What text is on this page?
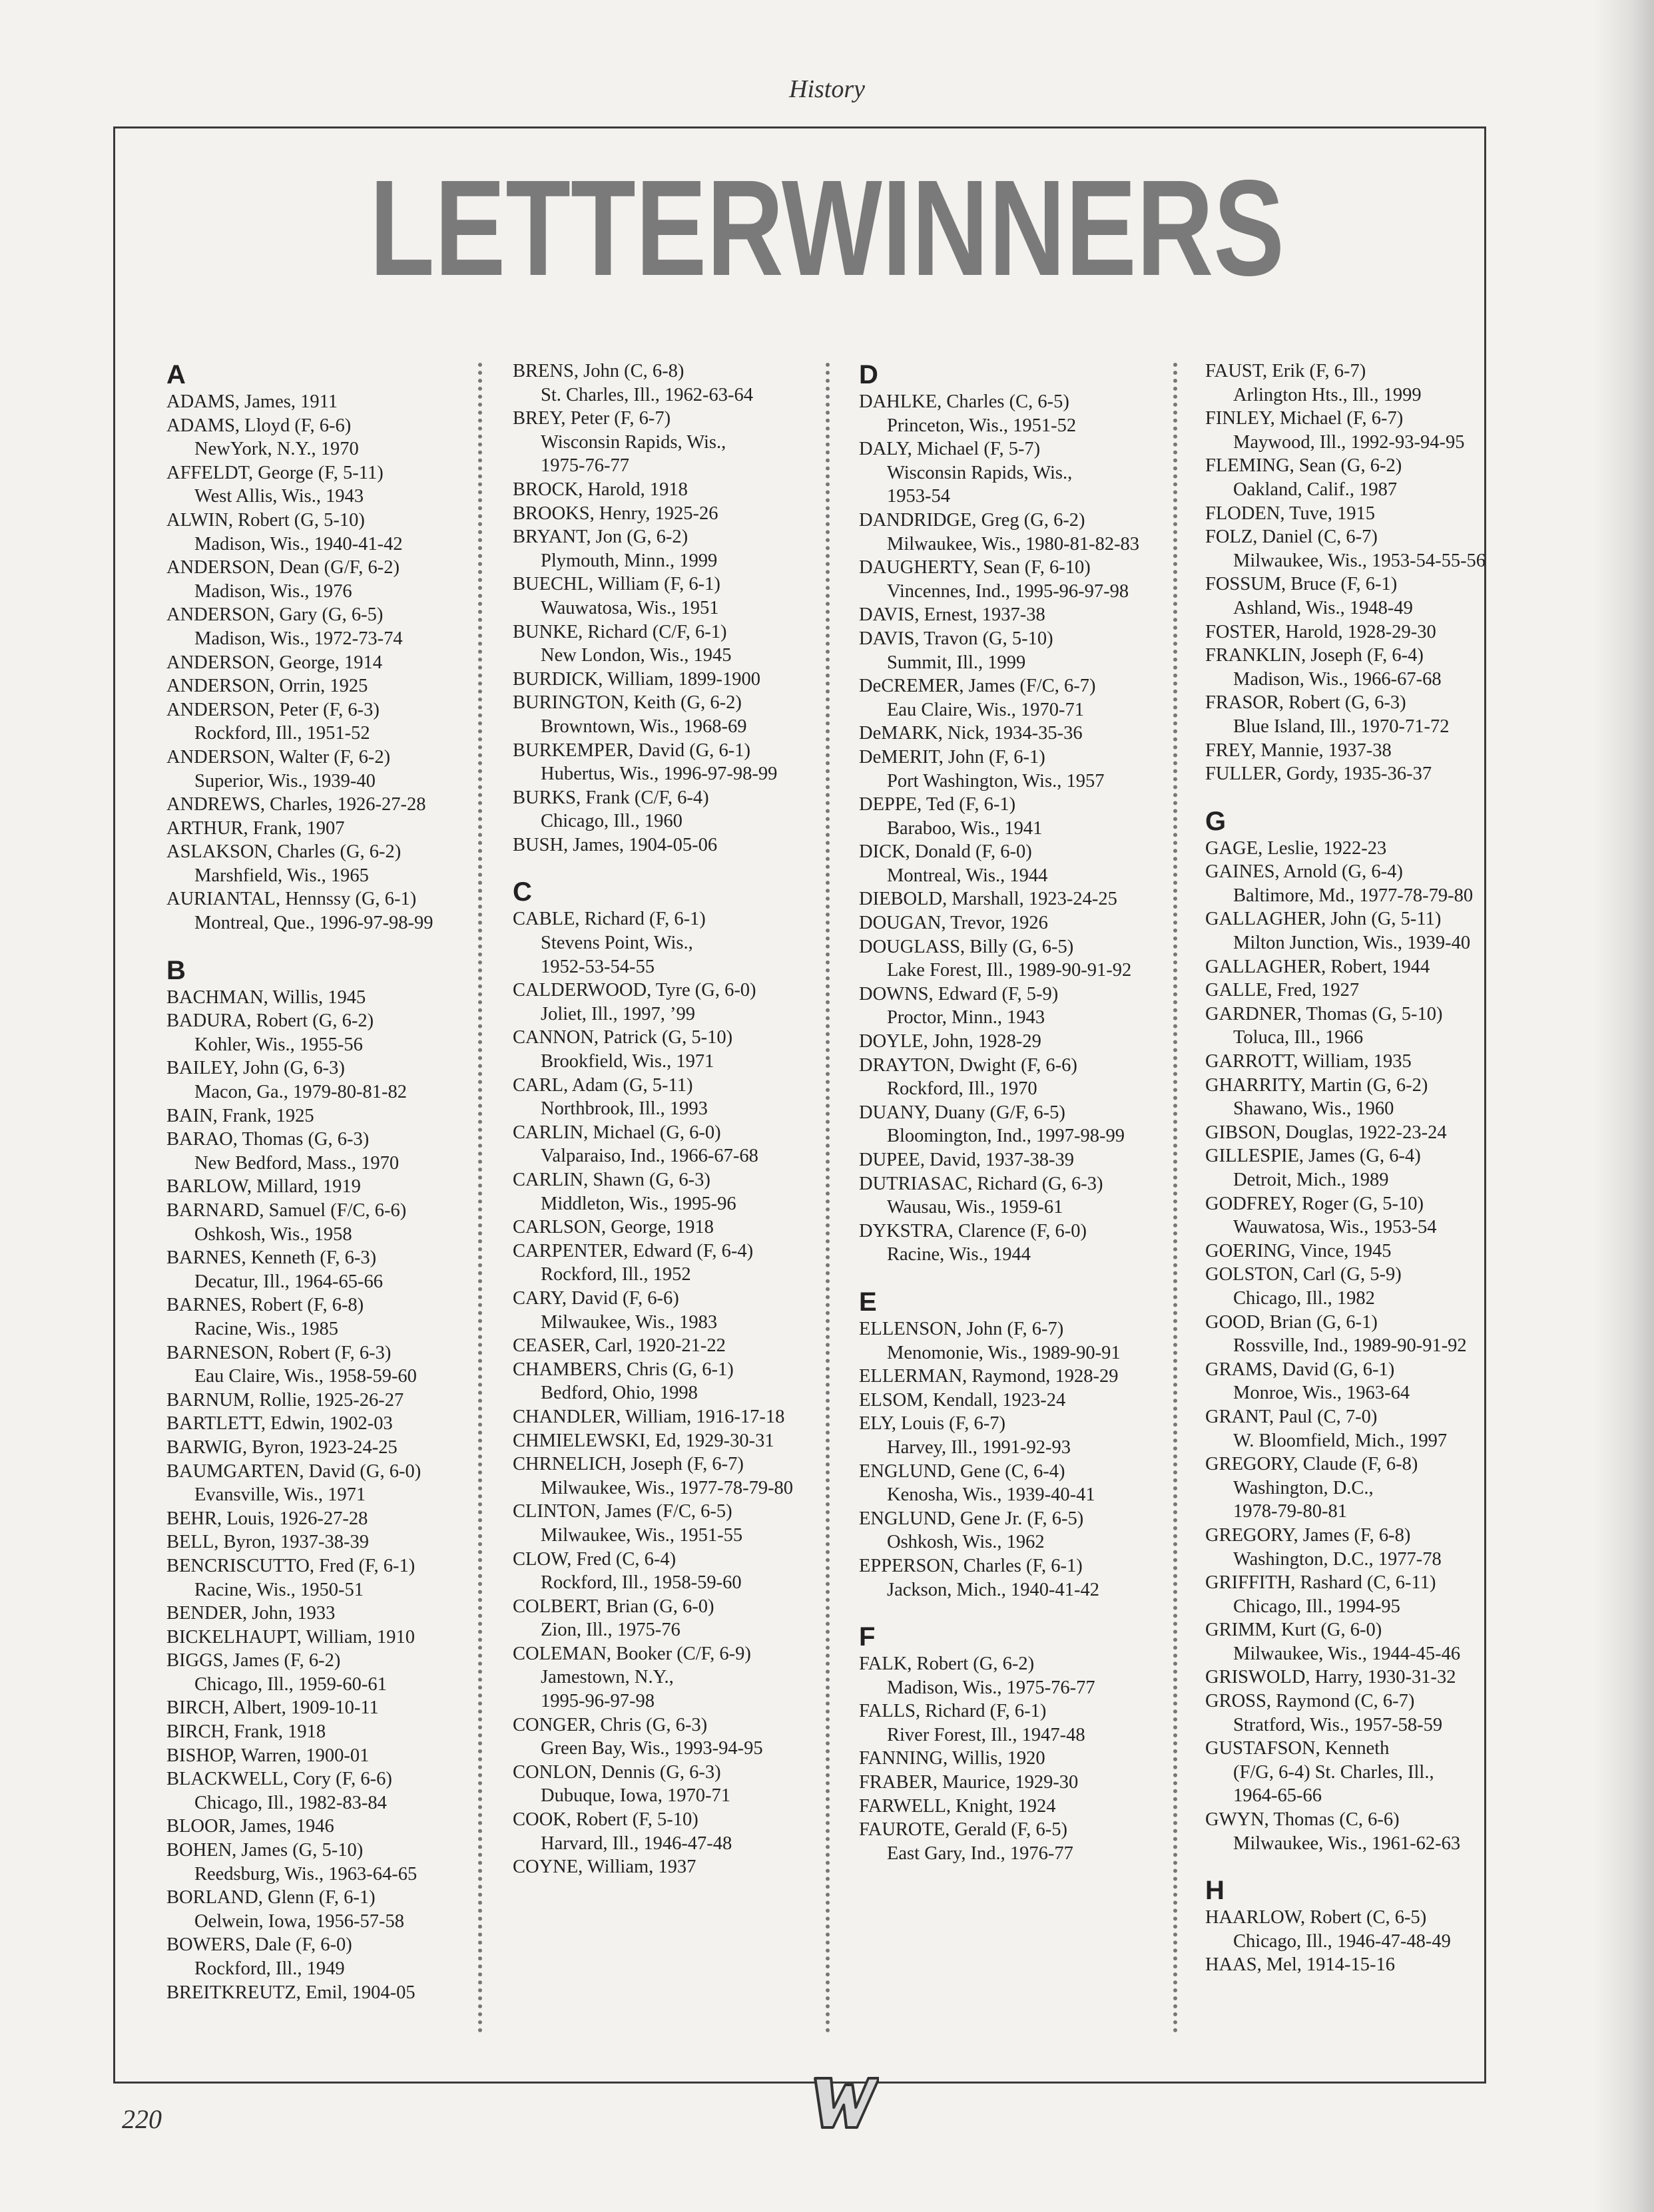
History
LETTERWINNERS
A
ADAMS, James, 1911
ADAMS, Lloyd (F, 6-6)
NewYork, N.Y., 1970
AFFELDT, George (F, 5-11)
West Allis, Wis., 1943
ALWIN, Robert (G, 5-10)
Madison, Wis., 1940-41-42
ANDERSON, Dean (G/F, 6-2)
Madison, Wis., 1976
ANDERSON, Gary (G, 6-5)
Madison, Wis., 1972-73-74
ANDERSON, George, 1914
ANDERSON, Orrin, 1925
ANDERSON, Peter (F, 6-3)
Rockford, Ill., 1951-52
ANDERSON, Walter (F, 6-2)
Superior, Wis., 1939-40
ANDREWS, Charles, 1926-27-28
ARTHUR, Frank, 1907
ASLAKSON, Charles (G, 6-2)
Marshfield, Wis., 1965
AURIANTAL, Hennssy (G, 6-1)
Montreal, Que., 1996-97-98-99
B
BACHMAN, Willis, 1945
BADURA, Robert (G, 6-2)
Kohler, Wis., 1955-56
BAILEY, John (G, 6-3)
Macon, Ga., 1979-80-81-82
BAIN, Frank, 1925
BARAO, Thomas (G, 6-3)
New Bedford, Mass., 1970
BARLOW, Millard, 1919
BARNARD, Samuel (F/C, 6-6)
Oshkosh, Wis., 1958
BARNES, Kenneth (F, 6-3)
Decatur, Ill., 1964-65-66
BARNES, Robert (F, 6-8)
Racine, Wis., 1985
BARNESON, Robert (F, 6-3)
Eau Claire, Wis., 1958-59-60
BARNUM, Rollie, 1925-26-27
BARTLETT, Edwin, 1902-03
BARWIG, Byron, 1923-24-25
BAUMGARTEN, David (G, 6-0)
Evansville, Wis., 1971
BEHR, Louis, 1926-27-28
BELL, Byron, 1937-38-39
BENCRISCUTTO, Fred (F, 6-1)
Racine, Wis., 1950-51
BENDER, John, 1933
BICKELHAUPT, William, 1910
BIGGS, James (F, 6-2)
Chicago, Ill., 1959-60-61
BIRCH, Albert, 1909-10-11
BIRCH, Frank, 1918
BISHOP, Warren, 1900-01
BLACKWELL, Cory (F, 6-6)
Chicago, Ill., 1982-83-84
BLOOR, James, 1946
BOHEN, James (G, 5-10)
Reedsburg, Wis., 1963-64-65
BORLAND, Glenn (F, 6-1)
Oelwein, Iowa, 1956-57-58
BOWERS, Dale (F, 6-0)
Rockford, Ill., 1949
BREITKREUTZ, Emil, 1904-05
BRENS, John (C, 6-8)
St. Charles, Ill., 1962-63-64
BREY, Peter (F, 6-7)
Wisconsin Rapids, Wis.,
1975-76-77
BROCK, Harold, 1918
BROOKS, Henry, 1925-26
BRYANT, Jon (G, 6-2)
Plymouth, Minn., 1999
BUECHL, William (F, 6-1)
Wauwatosa, Wis., 1951
BUNKE, Richard (C/F, 6-1)
New London, Wis., 1945
BURDICK, William, 1899-1900
BURINGTON, Keith (G, 6-2)
Browntown, Wis., 1968-69
BURKEMPER, David (G, 6-1)
Hubertus, Wis., 1996-97-98-99
BURKS, Frank (C/F, 6-4)
Chicago, Ill., 1960
BUSH, James, 1904-05-06
C
CABLE, Richard (F, 6-1)
Stevens Point, Wis.,
1952-53-54-55
CALDERWOOD, Tyre (G, 6-0)
Joliet, Ill., 1997, ’99
CANNON, Patrick (G, 5-10)
Brookfield, Wis., 1971
CARL, Adam (G, 5-11)
Northbrook, Ill., 1993
CARLIN, Michael (G, 6-0)
Valparaiso, Ind., 1966-67-68
CARLIN, Shawn (G, 6-3)
Middleton, Wis., 1995-96
CARLSON, George, 1918
CARPENTER, Edward (F, 6-4)
Rockford, Ill., 1952
CARY, David (F, 6-6)
Milwaukee, Wis., 1983
CEASER, Carl, 1920-21-22
CHAMBERS, Chris (G, 6-1)
Bedford, Ohio, 1998
CHANDLER, William, 1916-17-18
CHMIELEWSKI, Ed, 1929-30-31
CHRNELICH, Joseph (F, 6-7)
Milwaukee, Wis., 1977-78-79-80
CLINTON, James (F/C, 6-5)
Milwaukee, Wis., 1951-55
CLOW, Fred (C, 6-4)
Rockford, Ill., 1958-59-60
COLBERT, Brian (G, 6-0)
Zion, Ill., 1975-76
COLEMAN, Booker (C/F, 6-9)
Jamestown, N.Y.,
1995-96-97-98
CONGER, Chris (G, 6-3)
Green Bay, Wis., 1993-94-95
CONLON, Dennis (G, 6-3)
Dubuque, Iowa, 1970-71
COOK, Robert (F, 5-10)
Harvard, Ill., 1946-47-48
COYNE, William, 1937
D
DAHLKE, Charles (C, 6-5)
Princeton, Wis., 1951-52
DALY, Michael (F, 5-7)
Wisconsin Rapids, Wis.,
1953-54
DANDRIDGE, Greg (G, 6-2)
Milwaukee, Wis., 1980-81-82-83
DAUGHERTY, Sean (F, 6-10)
Vincennes, Ind., 1995-96-97-98
DAVIS, Ernest, 1937-38
DAVIS, Travon (G, 5-10)
Summit, Ill., 1999
DeCREMER, James (F/C, 6-7)
Eau Claire, Wis., 1970-71
DeMARK, Nick, 1934-35-36
DeMERIT, John (F, 6-1)
Port Washington, Wis., 1957
DEPPE, Ted (F, 6-1)
Baraboo, Wis., 1941
DICK, Donald (F, 6-0)
Montreal, Wis., 1944
DIEBOLD, Marshall, 1923-24-25
DOUGAN, Trevor, 1926
DOUGLASS, Billy (G, 6-5)
Lake Forest, Ill., 1989-90-91-92
DOWNS, Edward (F, 5-9)
Proctor, Minn., 1943
DOYLE, John, 1928-29
DRAYTON, Dwight (F, 6-6)
Rockford, Ill., 1970
DUANY, Duany (G/F, 6-5)
Bloomington, Ind., 1997-98-99
DUPEE, David, 1937-38-39
DUTRIASAC, Richard (G, 6-3)
Wausau, Wis., 1959-61
DYKSTRA, Clarence (F, 6-0)
Racine, Wis., 1944
E
ELLENSON, John (F, 6-7)
Menomonie, Wis., 1989-90-91
ELLERMAN, Raymond, 1928-29
ELSOM, Kendall, 1923-24
ELY, Louis (F, 6-7)
Harvey, Ill., 1991-92-93
ENGLUND, Gene (C, 6-4)
Kenosha, Wis., 1939-40-41
ENGLUND, Gene Jr. (F, 6-5)
Oshkosh, Wis., 1962
EPPERSON, Charles (F, 6-1)
Jackson, Mich., 1940-41-42
F
FALK, Robert (G, 6-2)
Madison, Wis., 1975-76-77
FALLS, Richard (F, 6-1)
River Forest, Ill., 1947-48
FANNING, Willis, 1920
FRABER, Maurice, 1929-30
FARWELL, Knight, 1924
FAUROTE, Gerald (F, 6-5)
East Gary, Ind., 1976-77
FAUST, Erik (F, 6-7)
Arlington Hts., Ill., 1999
FINLEY, Michael (F, 6-7)
Maywood, Ill., 1992-93-94-95
FLEMING, Sean (G, 6-2)
Oakland, Calif., 1987
FLODEN, Tuve, 1915
FOLZ, Daniel (C, 6-7)
Milwaukee, Wis., 1953-54-55-56
FOSSUM, Bruce (F, 6-1)
Ashland, Wis., 1948-49
FOSTER, Harold, 1928-29-30
FRANKLIN, Joseph (F, 6-4)
Madison, Wis., 1966-67-68
FRASOR, Robert (G, 6-3)
Blue Island, Ill., 1970-71-72
FREY, Mannie, 1937-38
FULLER, Gordy, 1935-36-37
G
GAGE, Leslie, 1922-23
GAINES, Arnold (G, 6-4)
Baltimore, Md., 1977-78-79-80
GALLAGHER, John (G, 5-11)
Milton Junction, Wis., 1939-40
GALLAGHER, Robert, 1944
GALLE, Fred, 1927
GARDNER, Thomas (G, 5-10)
Toluca, Ill., 1966
GARROTT, William, 1935
GHARRITY, Martin (G, 6-2)
Shawano, Wis., 1960
GIBSON, Douglas, 1922-23-24
GILLESPIE, James (G, 6-4)
Detroit, Mich., 1989
GODFREY, Roger (G, 5-10)
Wauwatosa, Wis., 1953-54
GOERING, Vince, 1945
GOLSTON, Carl (G, 5-9)
Chicago, Ill., 1982
GOOD, Brian (G, 6-1)
Rossville, Ind., 1989-90-91-92
GRAMS, David (G, 6-1)
Monroe, Wis., 1963-64
GRANT, Paul (C, 7-0)
W. Bloomfield, Mich., 1997
GREGORY, Claude (F, 6-8)
Washington, D.C.,
1978-79-80-81
GREGORY, James (F, 6-8)
Washington, D.C., 1977-78
GRIFFITH, Rashard (C, 6-11)
Chicago, Ill., 1994-95
GRIMM, Kurt (G, 6-0)
Milwaukee, Wis., 1944-45-46
GRISWOLD, Harry, 1930-31-32
GROSS, Raymond (C, 6-7)
Stratford, Wis., 1957-58-59
GUSTAFSON, Kenneth
(F/G, 6-4) St. Charles, Ill.,
1964-65-66
GWYN, Thomas (C, 6-6)
Milwaukee, Wis., 1961-62-63
H
HAARLOW, Robert (C, 6-5)
Chicago, Ill., 1946-47-48-49
HAAS, Mel, 1914-15-16
220
